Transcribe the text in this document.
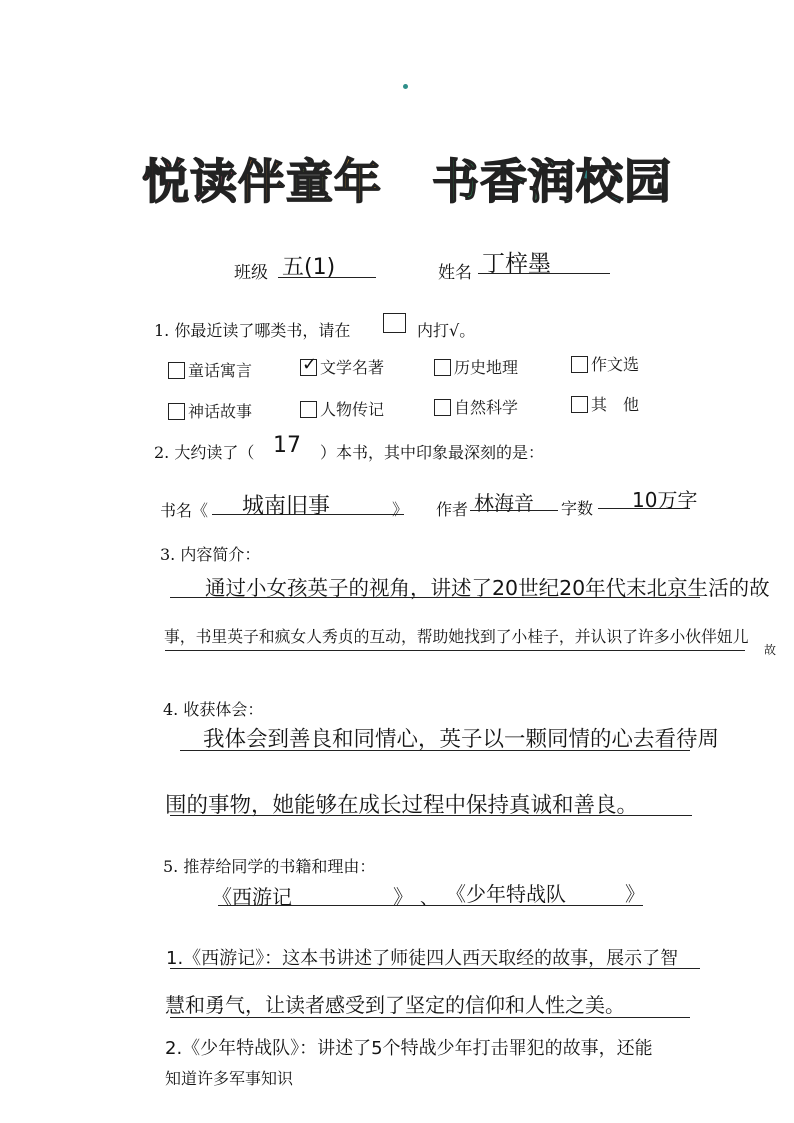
悦读伴童年 书香润校园
班级 五(1)	姓名 丁梓墨
1. 你最近读了哪类书，请在	内打√。
童话寓言
✓	文学名著	历史地理	作文选
神话故事	人物传记	自然科学	其　他
2. 大约读了（ 17 ）本书，其中印象最深刻的是：
书名《 城南旧事	》 作者 林海音 字数 10万字
3. 内容简介：
通过小女孩英子的视角，讲述了20世纪20年代末北京生活的故
事，书里英子和疯女人秀贞的互动，帮助她找到了小桂子，并认识了许多小伙伴妞儿
故
4. 收获体会：
我体会到善良和同情心，英子以一颗同情的心去看待周
围的事物，她能够在成长过程中保持真诚和善良。
5. 推荐给同学的书籍和理由：
《西游记	》 、 《少年特战队	》
1.《西游记》：这本书讲述了师徒四人西天取经的故事，展示了智
慧和勇气，让读者感受到了坚定的信仰和人性之美。
2.《少年特战队》：讲述了5个特战少年打击罪犯的故事，还能
知道许多军事知识
